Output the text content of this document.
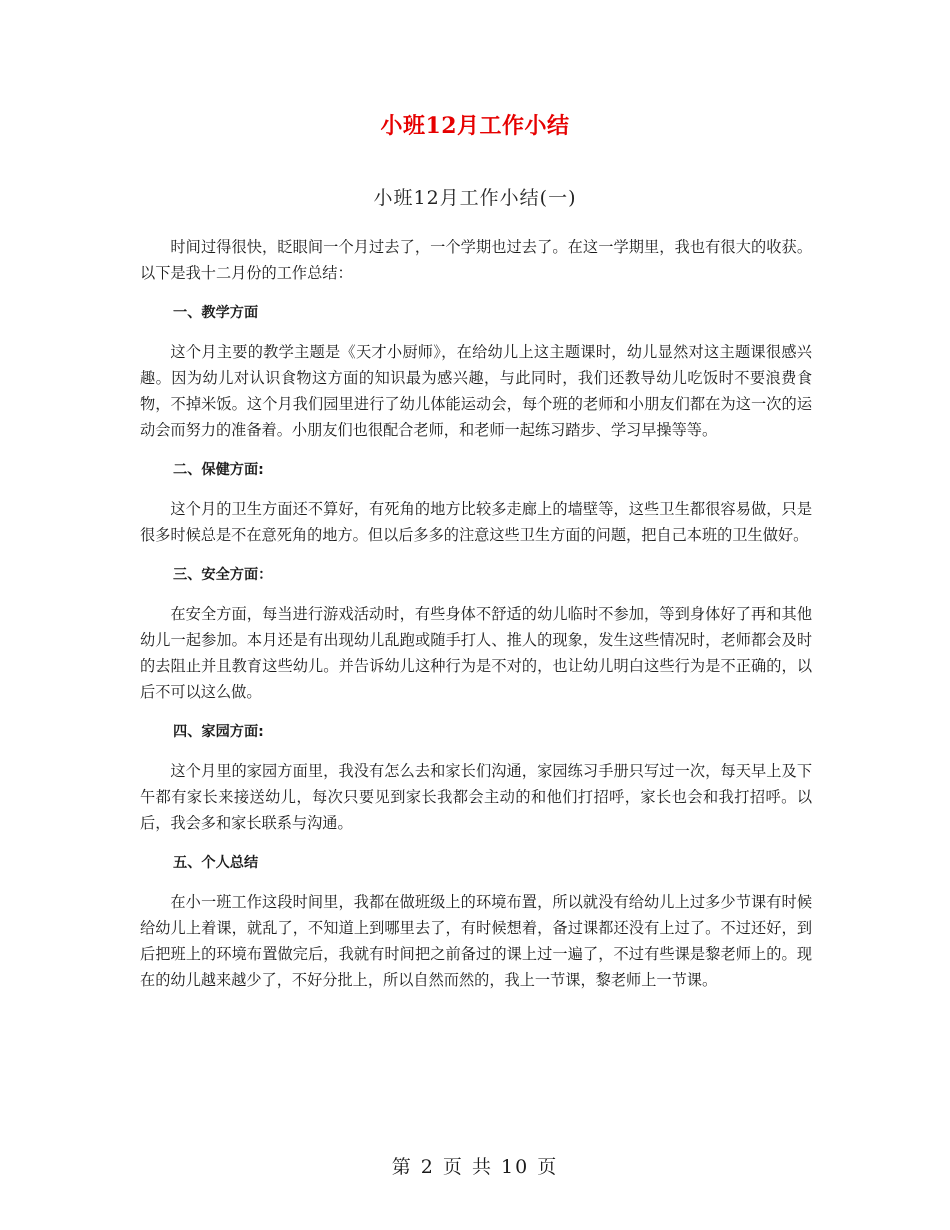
小班12月工作小结
小班12月工作小结(一)

时间过得很快，眨眼间一个月过去了，一个学期也过去了。在这一学期里，我也有很大的收获。以下是我十二月份的工作总结：

一、教学方面

这个月主要的教学主题是《天才小厨师》，在给幼儿上这主题课时，幼儿显然对这主题课很感兴趣。因为幼儿对认识食物这方面的知识最为感兴趣，与此同时，我们还教导幼儿吃饭时不要浪费食物，不掉米饭。这个月我们园里进行了幼儿体能运动会，每个班的老师和小朋友们都在为这一次的运动会而努力的准备着。小朋友们也很配合老师，和老师一起练习踏步、学习早操等等。

二、保健方面:

这个月的卫生方面还不算好，有死角的地方比较多走廊上的墙壁等，这些卫生都很容易做，只是很多时候总是不在意死角的地方。但以后多多的注意这些卫生方面的问题，把自己本班的卫生做好。

三、安全方面：

在安全方面，每当进行游戏活动时，有些身体不舒适的幼儿临时不参加，等到身体好了再和其他幼儿一起参加。本月还是有出现幼儿乱跑或随手打人、推人的现象，发生这些情况时，老师都会及时的去阻止并且教育这些幼儿。并告诉幼儿这种行为是不对的，也让幼儿明白这些行为是不正确的，以后不可以这么做。

四、家园方面:

这个月里的家园方面里，我没有怎么去和家长们沟通，家园练习手册只写过一次，每天早上及下午都有家长来接送幼儿，每次只要见到家长我都会主动的和他们打招呼，家长也会和我打招呼。以后，我会多和家长联系与沟通。

五、个人总结

在小一班工作这段时间里，我都在做班级上的环境布置，所以就没有给幼儿上过多少节课有时候给幼儿上着课，就乱了，不知道上到哪里去了，有时候想着，备过课都还没有上过了。不过还好，到后把班上的环境布置做完后，我就有时间把之前备过的课上过一遍了，不过有些课是黎老师上的。现在的幼儿越来越少了，不好分批上，所以自然而然的，我上一节课，黎老师上一节课。

第 2 页 共 10 页
